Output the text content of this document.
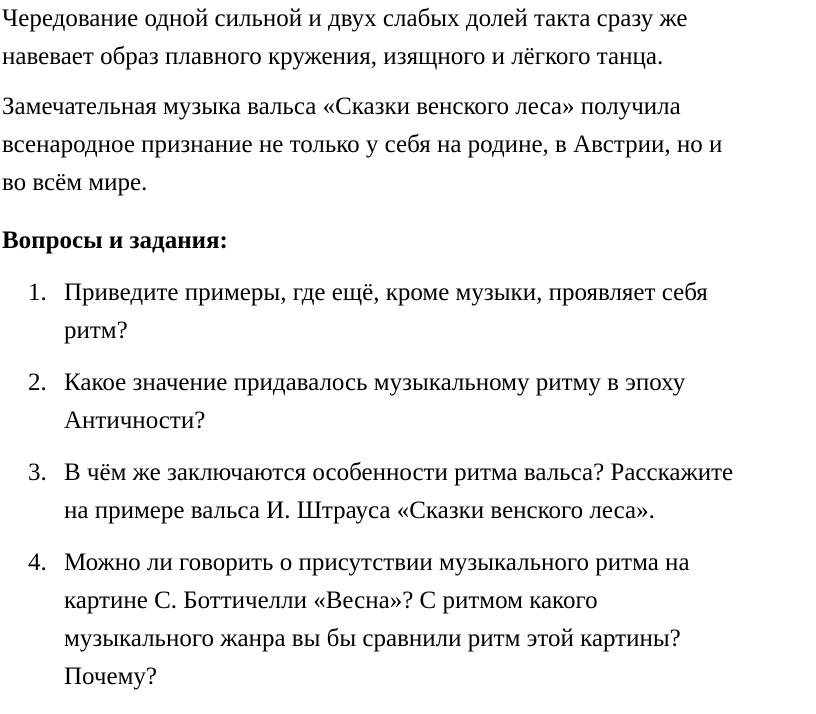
Чередование одной сильной и двух слабых долей такта сразу же
навевает образ плавного кружения, изящного и лёгкого танца.

Замечательная музыка вальса «Сказки венского леса» получила
всенародное признание не только у себя на родине, в Австрии, но и
во всём мире.

Вопросы и задания:
1. Приведите примеры, где ещё, кроме музыки, проявляет себя
ритм?
2. Какое значение придавалось музыкальному ритму в эпоху
Античности?
3. В чём же заключаются особенности ритма вальса? Расскажите
на примере вальса И. Штрауса «Сказки венского леса».
4. Можно ли говорить о присутствии музыкального ритма на
картине С. Боттичелли «Весна»? С ритмом какого
музыкального жанра вы бы сравнили ритм этой картины?
Почему?
